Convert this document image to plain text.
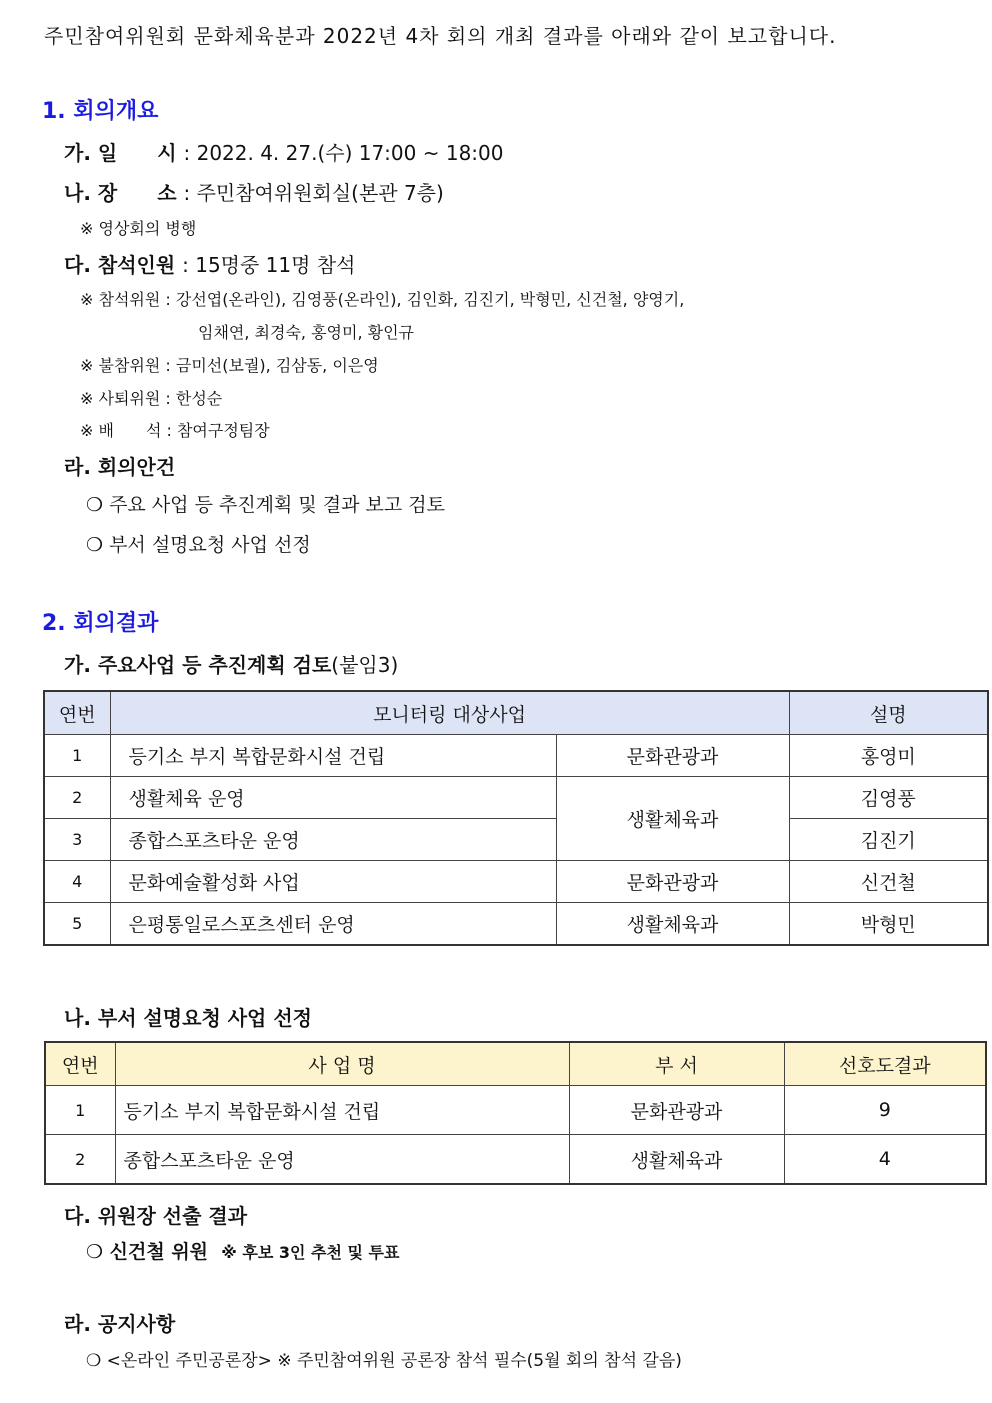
주민참여위원회 문화체육분과 2022년 4차 회의 개최 결과를 아래와 같이 보고합니다.
1. 회의개요
가. 일　　시 : 2022. 4. 27.(수) 17:00 ~ 18:00
나. 장　　소 : 주민참여위원회실(본관 7층)
※ 영상회의 병행
다. 참석인원 : 15명중 11명 참석
※ 참석위원 : 강선엽(온라인), 김영풍(온라인), 김인화, 김진기, 박형민, 신건철, 양영기,
임채연, 최경숙, 홍영미, 황인규
※ 불참위원 : 금미선(보궐), 김삼동, 이은영
※ 사퇴위원 : 한성순
※ 배　　석 : 참여구정팀장
라. 회의안건
❍ 주요 사업 등 추진계획 및 결과 보고 검토
❍ 부서 설명요청 사업 선정
2. 회의결과
가. 주요사업 등 추진계획 검토(붙임3)
연번	모니터링 대상사업		설명
1	등기소 부지 복합문화시설 건립	문화관광과	홍영미
2	생활체육 운영	생활체육과	김영풍
3	종합스포츠타운 운영		김진기
4	문화예술활성화 사업	문화관광과	신건철
5	은평통일로스포츠센터 운영	생활체육과	박형민
나. 부서 설명요청 사업 선정
연번	사 업 명	부 서	선호도결과
1	등기소 부지 복합문화시설 건립	문화관광과	9
2	종합스포츠타운 운영	생활체육과	4
다. 위원장 선출 결과
❍ 신건철 위원 ※ 후보 3인 추천 및 투표
라. 공지사항
❍ <온라인 주민공론장> ※ 주민참여위원 공론장 참석 필수(5월 회의 참석 갈음)
